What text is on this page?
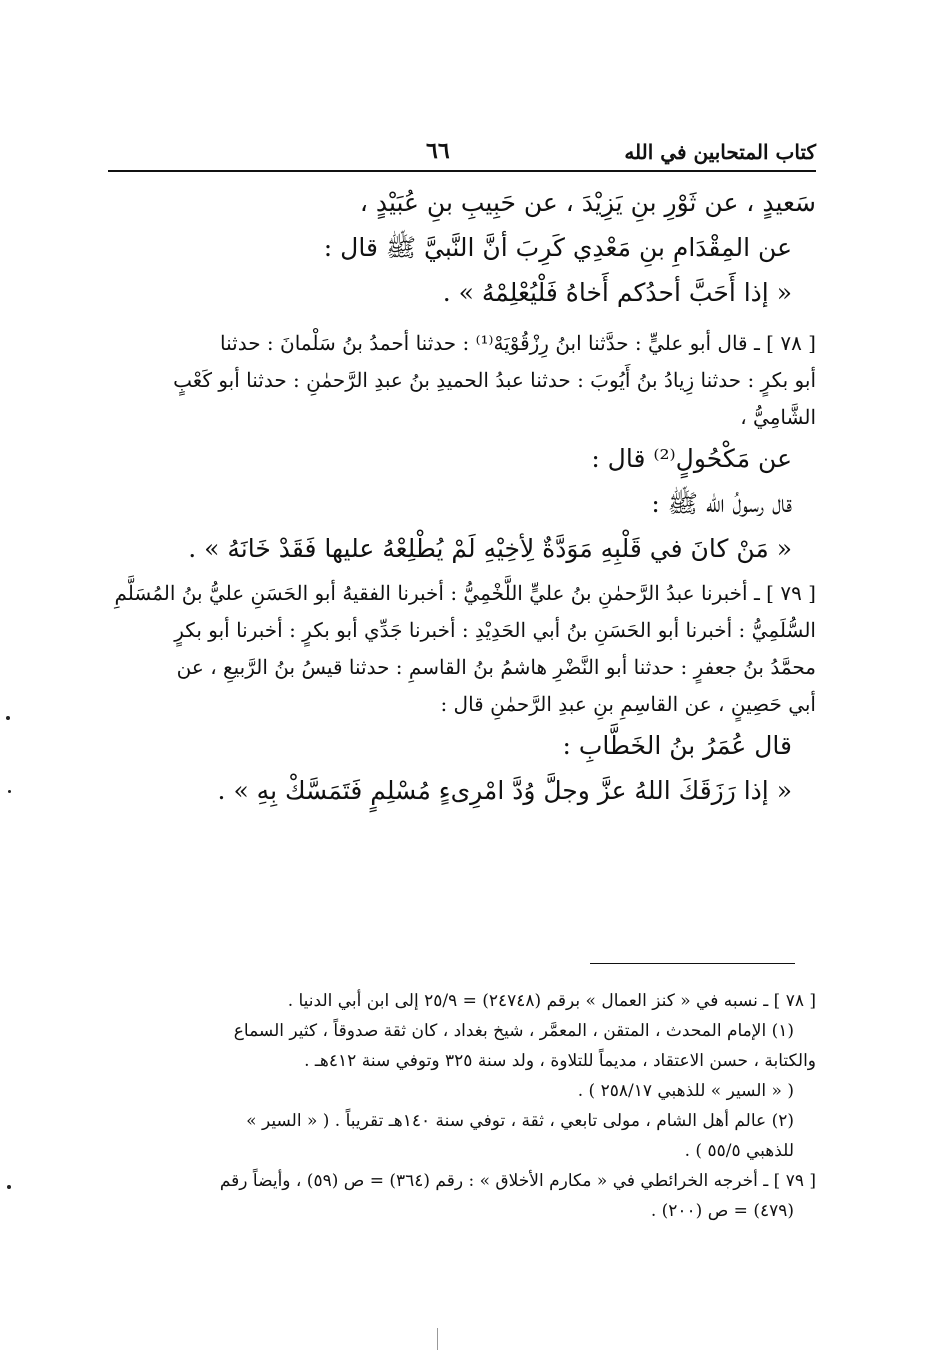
كتاب المتحابين في الله
٦٦
سَعيدٍ ، عن ثَوْرِ بنِ يَزِيْدَ ، عن حَبِيبِ بنِ عُبَيْدٍ ،
عن المِقْدَامِ بنِ مَعْدِي كَرِبَ أنَّ النَّبيَّ ﷺ قال :
« إذا أَحَبَّ أحدُكم أَخاهُ فَلْيُعْلِمْهُ » .
[ ٧٨ ] ـ قال أبو عليٍّ : حدَّثنا ابنُ رِزْقُوْيَهْ⁽¹⁾ : حدثنا أحمدُ بنُ سَلْمانَ : حدثنا
أبو بكرٍ : حدثنا زِيادُ بنُ أَيُوبَ : حدثنا عبدُ الحميدِ بنُ عبدِ الرَّحمٰنِ : حدثنا أبو كَعْبٍ
الشَّامِيُّ ،
عن مَكْحُولٍ⁽²⁾ قال :
قال رسولُ الله ﷺ :
« مَنْ كانَ في قَلْبِهِ مَوَدَّةٌ لِأخِيْهِ لَمْ يُطْلِعْهُ عليها فَقَدْ خَانَهُ » .
[ ٧٩ ] ـ أخبرنا عبدُ الرَّحمٰنِ بنُ عليٍّ اللَّخْمِيُّ : أخبرنا الفقيهُ أبو الحَسَنِ عليُّ بنُ المُسَلَّمِ
السُّلَمِيُّ : أخبرنا أبو الحَسَنِ بنُ أبي الحَدِيْدِ : أخبرنا جَدِّي أبو بكرٍ : أخبرنا أبو بكرٍ
محمَّدُ بنُ جعفرٍ : حدثنا أبو النَّضْرِ هاشمُ بنُ القاسمِ : حدثنا قيسُ بنُ الرَّبيعِ ، عن
أبي حَصِينٍ ، عن القاسِمِ بنِ عبدِ الرَّحمٰنِ قال :
قال عُمَرُ بنُ الخَطَّابِ :
« إذا رَزَقَكَ اللهُ عزَّ وجلَّ وُدَّ امْرِىءٍ مُسْلِمٍ فَتَمَسَّكْ بِهِ » .
[ ٧٨ ] ـ نسبه في « كنز العمال » برقم (٢٤٧٤٨) = ٢٥/٩ إلى ابن أبي الدنيا .
(١) الإمام المحدث ، المتقن ، المعمَّر ، شيخ بغداد ، كان ثقة صدوقاً ، كثير السماع
والكتابة ، حسن الاعتقاد ، مديماً للتلاوة ، ولد سنة ٣٢٥ وتوفي سنة ٤١٢هـ .
( « السير » للذهبي ٢٥٨/١٧ ) .
(٢) عالم أهل الشام ، مولى تابعي ، ثقة ، توفي سنة ١٤٠هـ تقريباً . ( « السير »
للذهبي ٥٥/٥ ) .
[ ٧٩ ] ـ أخرجه الخرائطي في « مكارم الأخلاق » : رقم (٣٦٤) = ص (٥٩) ، وأيضاً رقم
(٤٧٩) = ص (٢٠٠) .
